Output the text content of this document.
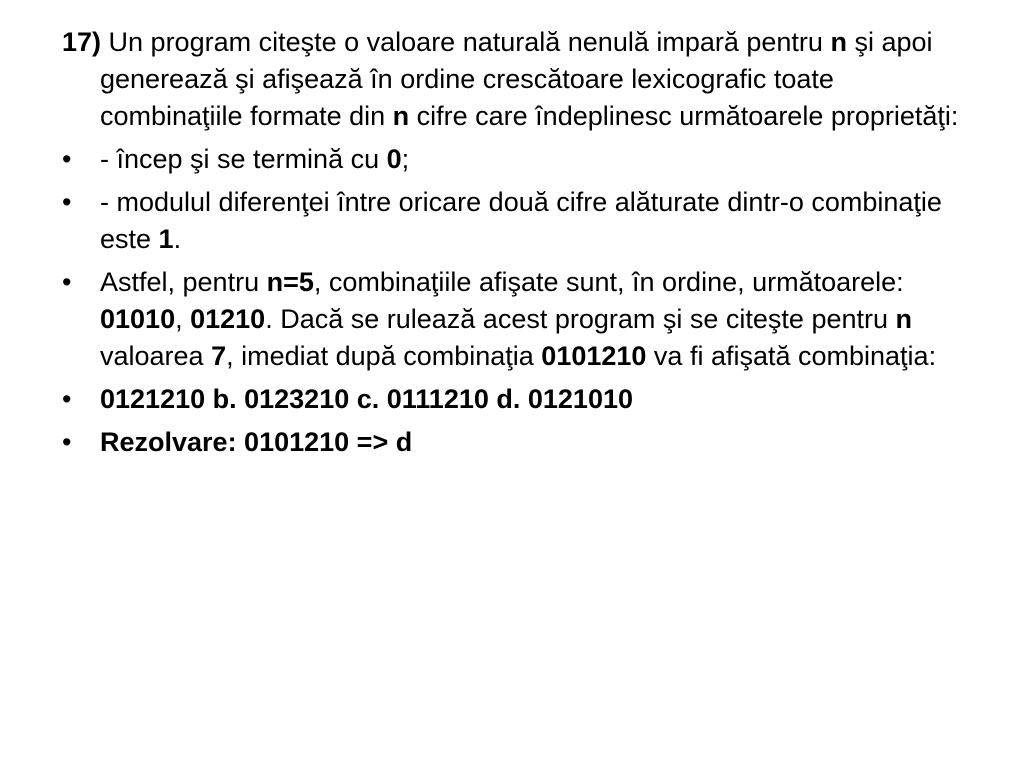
17) Un program citeşte o valoare naturală nenulă impară pentru n şi apoi generează şi afişează în ordine crescătoare lexicografic toate combinaţiile formate din n cifre care îndeplinesc următoarele proprietăţi:
•	- încep şi se termină cu 0;
•	- modulul diferenţei între oricare două cifre alăturate dintr-o combinaţie este 1.
•	Astfel, pentru n=5, combinaţiile afişate sunt, în ordine, următoarele: 01010, 01210. Dacă se rulează acest program şi se citeşte pentru n valoarea 7, imediat după combinaţia 0101210 va fi afişată combinaţia:
•	0121210 b. 0123210 c. 0111210 d. 0121010
•	Rezolvare: 0101210 => d
